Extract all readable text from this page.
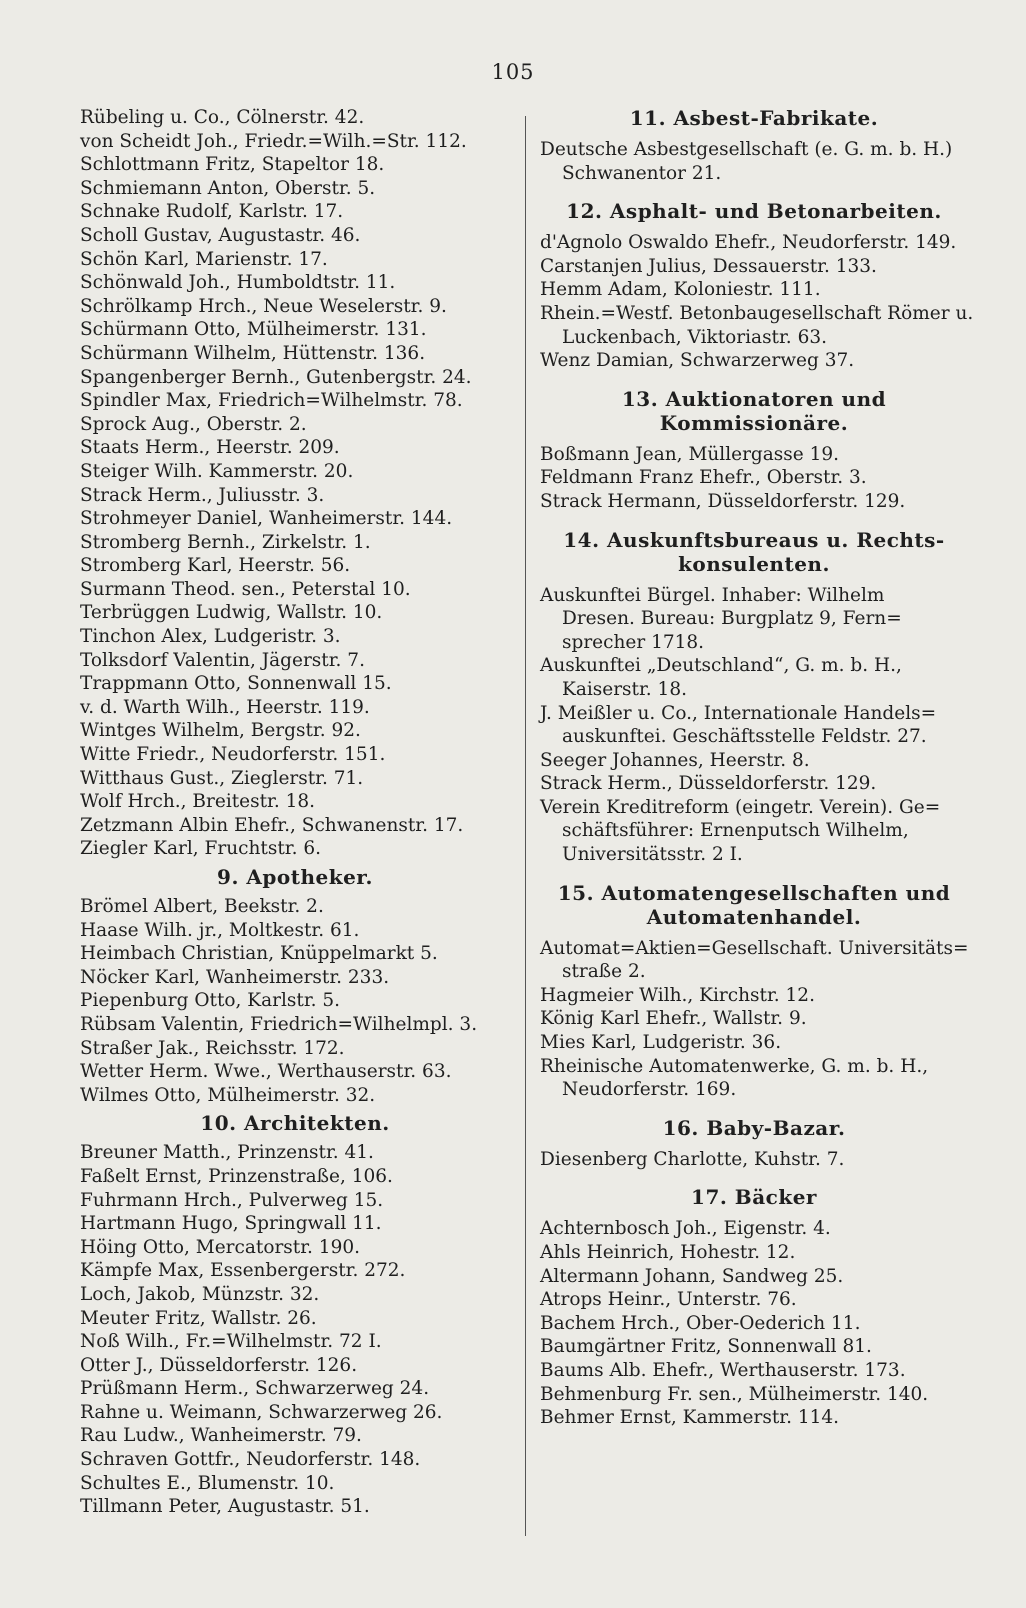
105
Rübeling u. Co., Cölnerstr. 42.
von Scheidt Joh., Friedr.=Wilh.=Str. 112.
Schlottmann Fritz, Stapeltor 18.
Schmiemann Anton, Oberstr. 5.
Schnake Rudolf, Karlstr. 17.
Scholl Gustav, Augustastr. 46.
Schön Karl, Marienstr. 17.
Schönwald Joh., Humboldtstr. 11.
Schrölkamp Hrch., Neue Weselerstr. 9.
Schürmann Otto, Mülheimerstr. 131.
Schürmann Wilhelm, Hüttenstr. 136.
Spangenberger Bernh., Gutenbergstr. 24.
Spindler Max, Friedrich=Wilhelmstr. 78.
Sprock Aug., Oberstr. 2.
Staats Herm., Heerstr. 209.
Steiger Wilh. Kammerstr. 20.
Strack Herm., Juliusstr. 3.
Strohmeyer Daniel, Wanheimerstr. 144.
Stromberg Bernh., Zirkelstr. 1.
Stromberg Karl, Heerstr. 56.
Surmann Theod. sen., Peterstal 10.
Terbrüggen Ludwig, Wallstr. 10.
Tinchon Alex, Ludgeristr. 3.
Tolksdorf Valentin, Jägerstr. 7.
Trappmann Otto, Sonnenwall 15.
v. d. Warth Wilh., Heerstr. 119.
Wintges Wilhelm, Bergstr. 92.
Witte Friedr., Neudorferstr. 151.
Witthaus Gust., Zieglerstr. 71.
Wolf Hrch., Breitestr. 18.
Zetzmann Albin Ehefr., Schwanenstr. 17.
Ziegler Karl, Fruchtstr. 6.
9. Apotheker.
Brömel Albert, Beekstr. 2.
Haase Wilh. jr., Moltkestr. 61.
Heimbach Christian, Knüppelmarkt 5.
Nöcker Karl, Wanheimerstr. 233.
Piepenburg Otto, Karlstr. 5.
Rübsam Valentin, Friedrich=Wilhelmpl. 3.
Straßer Jak., Reichsstr. 172.
Wetter Herm. Wwe., Werthauserstr. 63.
Wilmes Otto, Mülheimerstr. 32.
10. Architekten.
Breuner Matth., Prinzenstr. 41.
Faßelt Ernst, Prinzenstraße, 106.
Fuhrmann Hrch., Pulverweg 15.
Hartmann Hugo, Springwall 11.
Höing Otto, Mercatorstr. 190.
Kämpfe Max, Essenbergerstr. 272.
Loch, Jakob, Münzstr. 32.
Meuter Fritz, Wallstr. 26.
Noß Wilh., Fr.=Wilhelmstr. 72 I.
Otter J., Düsseldorferstr. 126.
Prüßmann Herm., Schwarzerweg 24.
Rahne u. Weimann, Schwarzerweg 26.
Rau Ludw., Wanheimerstr. 79.
Schraven Gottfr., Neudorferstr. 148.
Schultes E., Blumenstr. 10.
Tillmann Peter, Augustastr. 51.
11. Asbest-Fabrikate.
Deutsche Asbestgesellschaft (e. G. m. b. H.)
Schwanentor 21.
12. Asphalt- und Betonarbeiten.
d'Agnolo Oswaldo Ehefr., Neudorferstr. 149.
Carstanjen Julius, Dessauerstr. 133.
Hemm Adam, Koloniestr. 111.
Rhein.=Westf. Betonbaugesellschaft Römer u.
Luckenbach, Viktoriastr. 63.
Wenz Damian, Schwarzerweg 37.
13. Auktionatoren und
Kommissionäre.
Boßmann Jean, Müllergasse 19.
Feldmann Franz Ehefr., Oberstr. 3.
Strack Hermann, Düsseldorferstr. 129.
14. Auskunftsbureaus u. Rechts-
konsulenten.
Auskunftei Bürgel. Inhaber: Wilhelm
Dresen. Bureau: Burgplatz 9, Fern=
sprecher 1718.
Auskunftei „Deutschland“, G. m. b. H.,
Kaiserstr. 18.
J. Meißler u. Co., Internationale Handels=
auskunftei. Geschäftsstelle Feldstr. 27.
Seeger Johannes, Heerstr. 8.
Strack Herm., Düsseldorferstr. 129.
Verein Kreditreform (eingetr. Verein). Ge=
schäftsführer: Ernenputsch Wilhelm,
Universitätsstr. 2 I.
15. Automatengesellschaften und
Automatenhandel.
Automat=Aktien=Gesellschaft. Universitäts=
straße 2.
Hagmeier Wilh., Kirchstr. 12.
König Karl Ehefr., Wallstr. 9.
Mies Karl, Ludgeristr. 36.
Rheinische Automatenwerke, G. m. b. H.,
Neudorferstr. 169.
16. Baby-Bazar.
Diesenberg Charlotte, Kuhstr. 7.
17. Bäcker
Achternbosch Joh., Eigenstr. 4.
Ahls Heinrich, Hohestr. 12.
Altermann Johann, Sandweg 25.
Atrops Heinr., Unterstr. 76.
Bachem Hrch., Ober-Oederich 11.
Baumgärtner Fritz, Sonnenwall 81.
Baums Alb. Ehefr., Werthauserstr. 173.
Behmenburg Fr. sen., Mülheimerstr. 140.
Behmer Ernst, Kammerstr. 114.
